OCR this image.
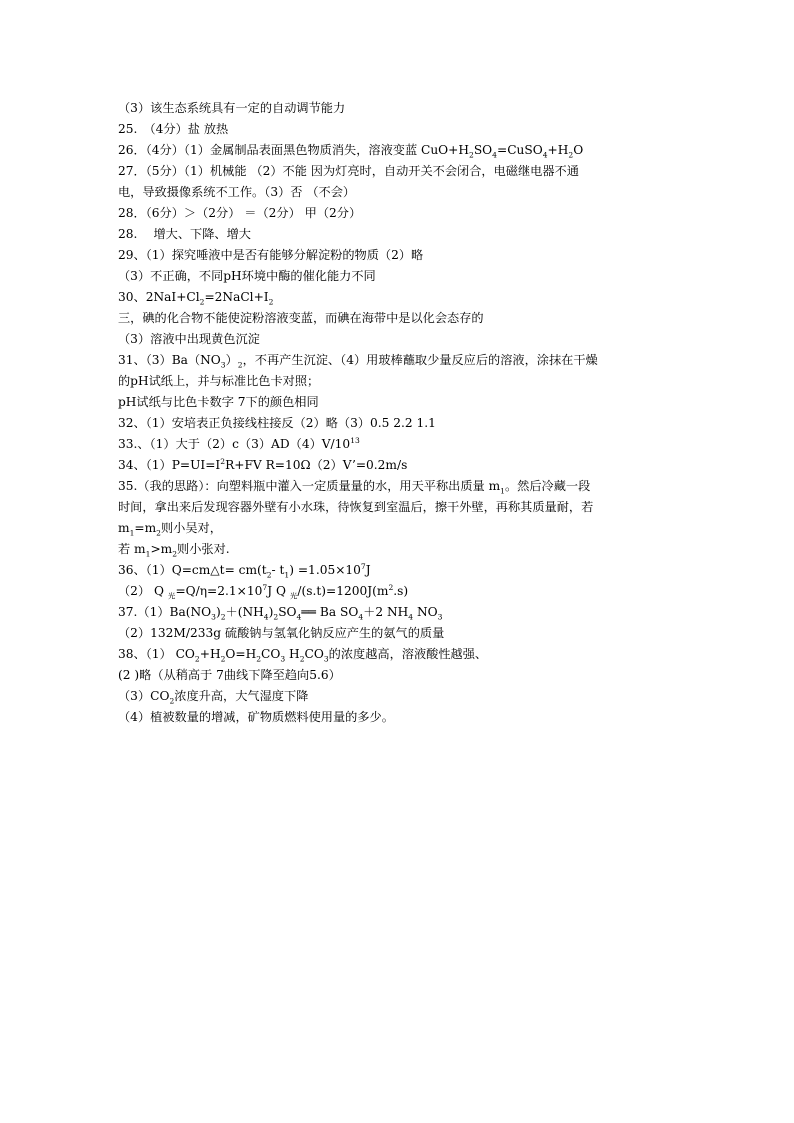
（3）该生态系统具有一定的自动调节能力
25.　（4分）盐 放热
26．（4分）（1）金属制品表面黑色物质消失，溶液变蓝 $CuO+H_2SO_4=CuSO_4+H_2O$
27．（5分）（1）机械能 （2）不能 因为灯亮时，自动开关不会闭合，电磁继电器不通
电，导致摄像系统不工作。（3）否 （不会）
28．（6分）＞（2分） ＝（2分） 甲（2分）
28.　 增大、下降、增大
29、（1）探究唾液中是否有能够分解淀粉的物质（2）略
（3）不正确，不同pH环境中酶的催化能力不同
30、$2NaI+Cl_2=2NaCl+I_2$
三，碘的化合物不能使淀粉溶液变蓝，而碘在海带中是以化会态存的
（3）溶液中出现黄色沉淀
31、$(3)Ba(NO_3)_2$，不再产生沉淀、（4）用玻棒蘸取少量反应后的溶液，涂抹在干燥
的pH试纸上，并与标准比色卡对照；
pH试纸与比色卡数字 7下的颜色相同
32、（1）安培表正负接线柱接反（2）略（3）0.5 2.2 1.1
33.、（1）大于$(2)c(3)AD(4)V/10^{13}$
34、$(1)P=UI=I^2R+FV$ R=10Ω（2）V’=0.2m/s
35.（我的思路）：向塑料瓶中灌入一定质量量的水，用天平称出质量 $m_1$。然后冷藏一段
时间，拿出来后发现容器外壁有小水珠，待恢复到室温后，擦干外壁，再称其质量耐，若
$m_1=m_2$则小吴对，
若 $m_1>m_2$则小张对.
36、（1）Q=cm△t= $cm(t_2-$ $t_1) =1.05\times 10^7J$
（2） Q $_光=Q/\eta=2.1\times 10^7J$ Q $_光/(s.t)=1200J(m^2.s)$
$37.(1)Ba(NO_3)_2+(NH_4)_2SO_4══$ Ba $SO_4+2$ $NH_4$ $NO_3$
（2）132M/233g 硫酸钠与氢氧化钠反应产生的氨气的质量
38、（1） $CO_2+H_2O=H_2CO_3$ $H_2CO_3$的浓度越高，溶液酸性越强、
(2 )略（从稍高于 7曲线下降至趋向5.6）
$(3)CO_2$浓度升高，大气湿度下降
（4）植被数量的增减，矿物质燃料使用量的多少。
